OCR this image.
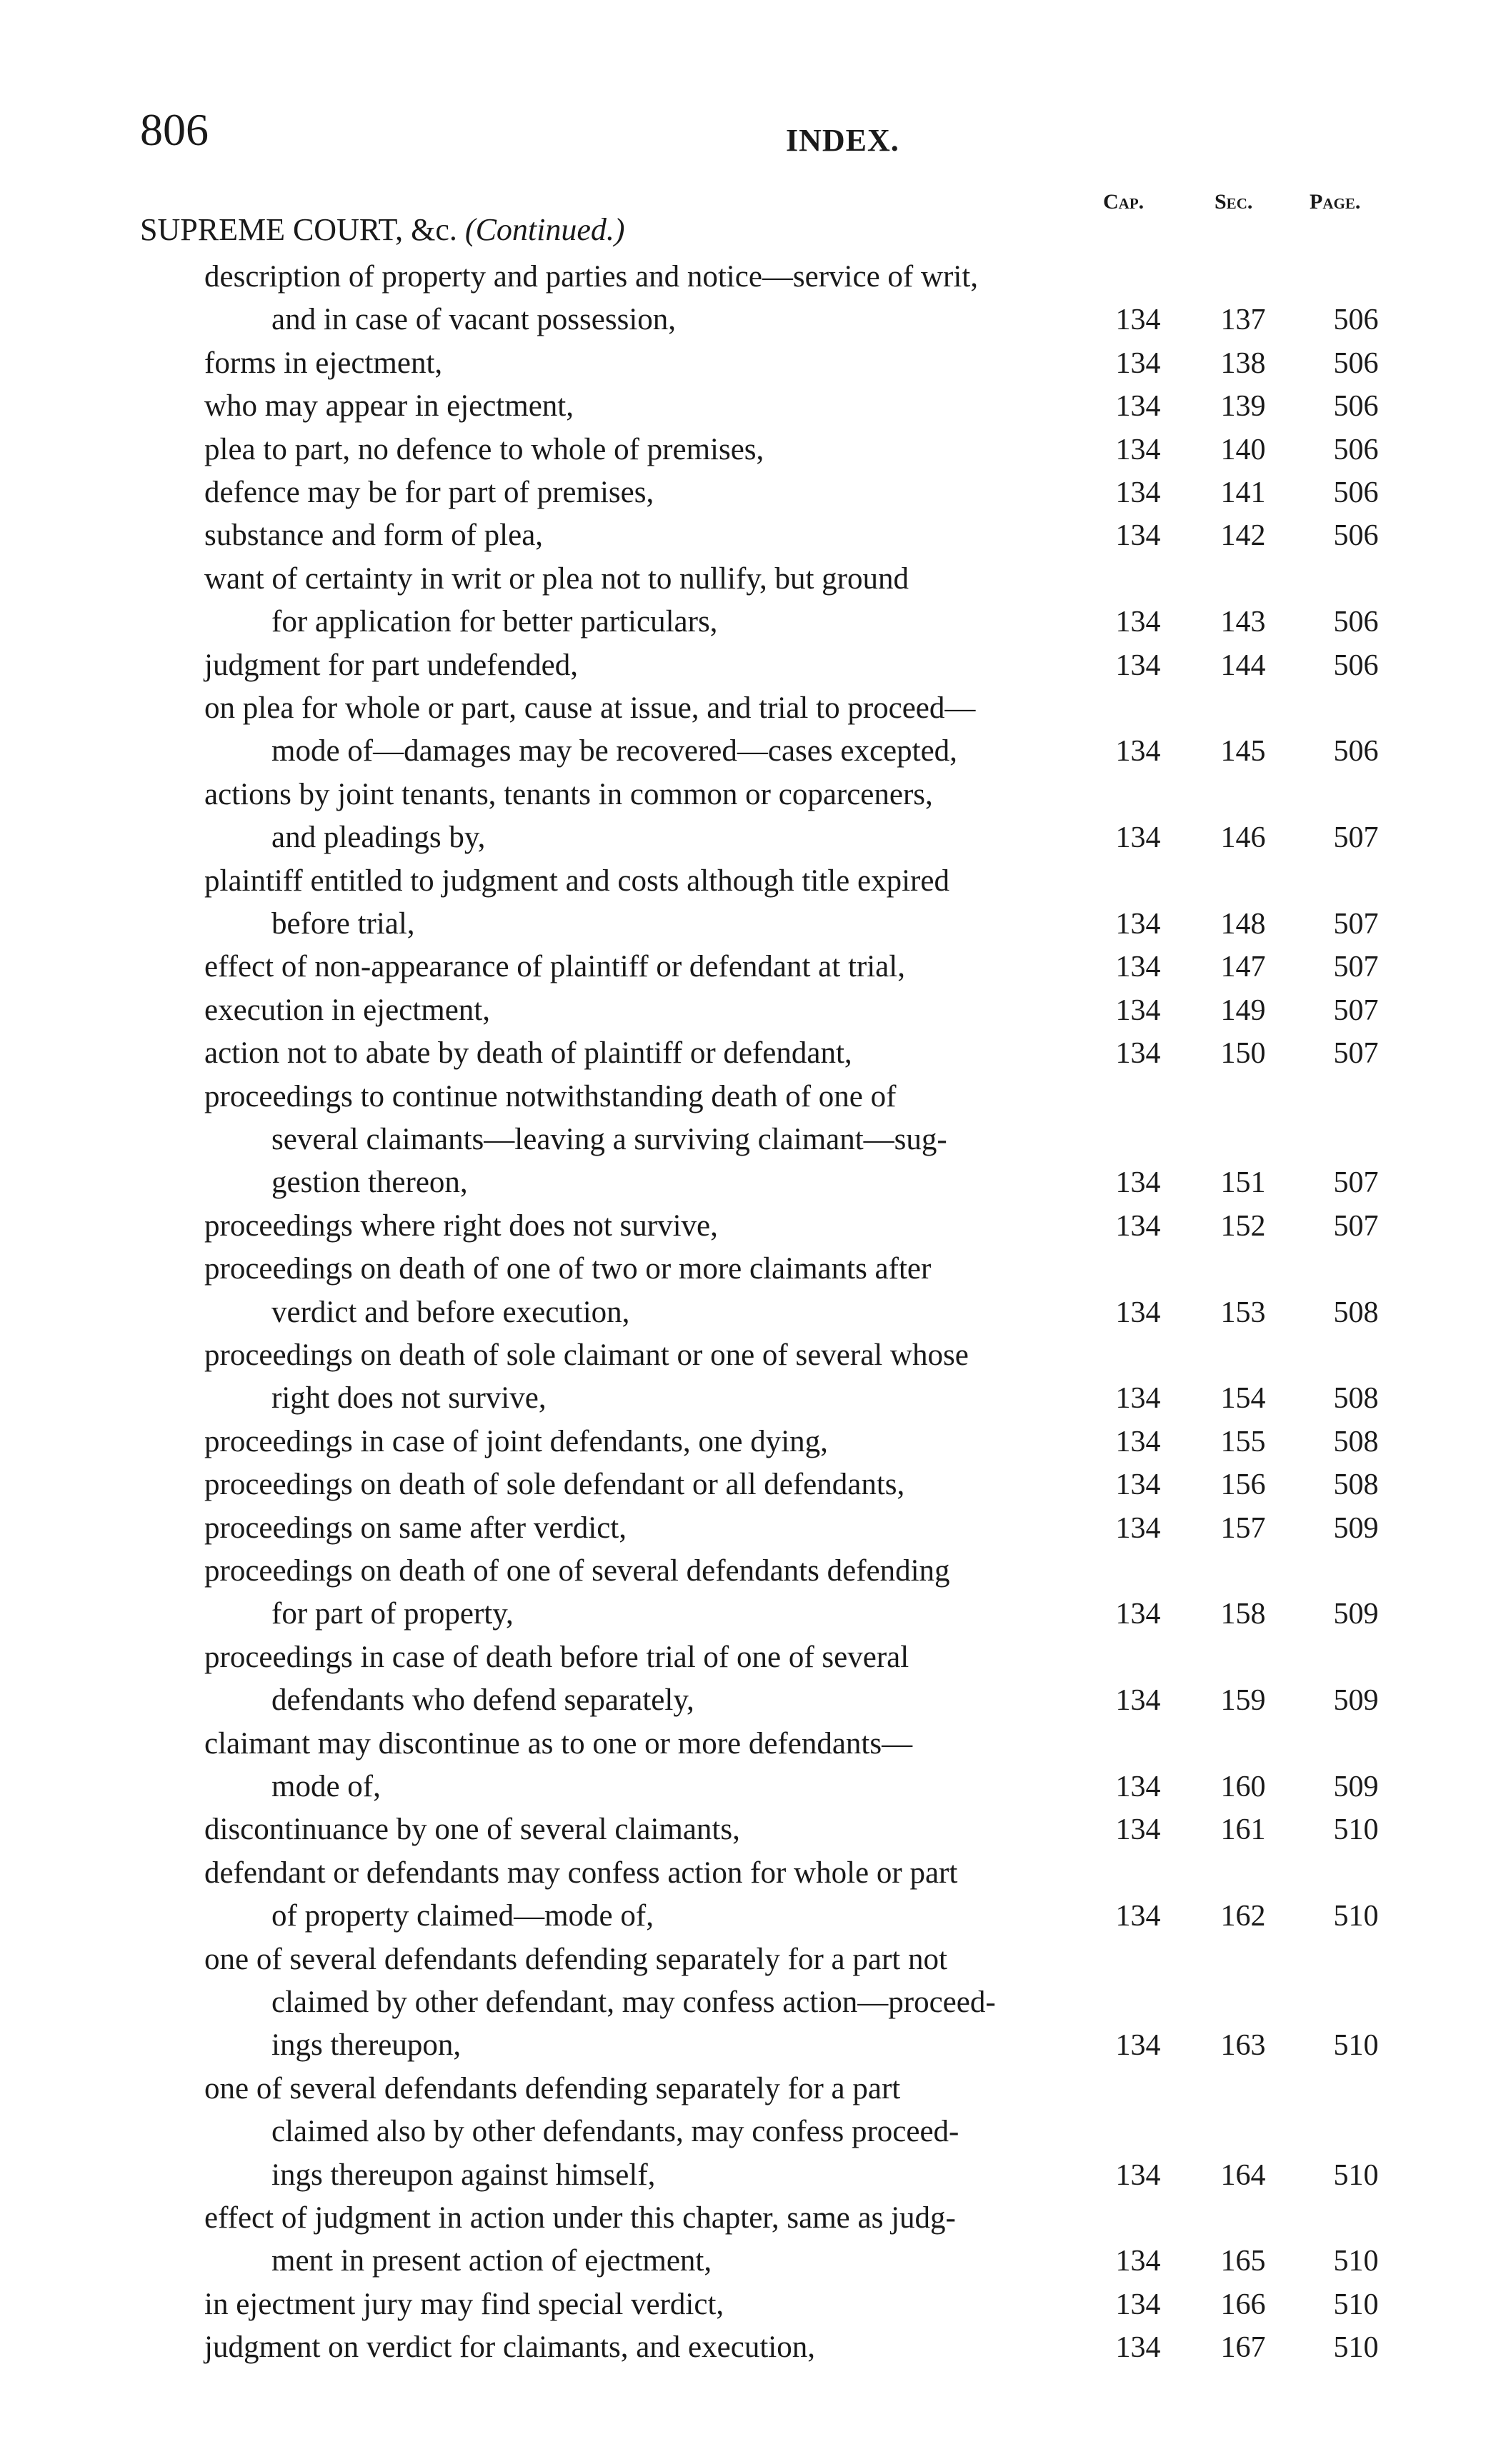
806	INDEX.
Cap.	Sec.	Page.
SUPREME COURT, &c. (Continued.)
description of property and parties and notice—service of writ,
and in case of vacant possession,	134	137	506
forms in ejectment,	134	138	506
who may appear in ejectment,	134	139	506
plea to part, no defence to whole of premises,	134	140	506
defence may be for part of premises,	134	141	506
substance and form of plea,	134	142	506
want of certainty in writ or plea not to nullify, but ground
for application for better particulars,	134	143	506
judgment for part undefended,	134	144	506
on plea for whole or part, cause at issue, and trial to proceed—
mode of—damages may be recovered—cases excepted,	134	145	506
actions by joint tenants, tenants in common or coparceners,
and pleadings by,	134	146	507
plaintiff entitled to judgment and costs although title expired
before trial,	134	148	507
effect of non-appearance of plaintiff or defendant at trial,	134	147	507
execution in ejectment,	134	149	507
action not to abate by death of plaintiff or defendant,	134	150	507
proceedings to continue notwithstanding death of one of
several claimants—leaving a surviving claimant—sug-
gestion thereon,	134	151	507
proceedings where right does not survive,	134	152	507
proceedings on death of one of two or more claimants after
verdict and before execution,	134	153	508
proceedings on death of sole claimant or one of several whose
right does not survive,	134	154	508
proceedings in case of joint defendants, one dying,	134	155	508
proceedings on death of sole defendant or all defendants,	134	156	508
proceedings on same after verdict,	134	157	509
proceedings on death of one of several defendants defending
for part of property,	134	158	509
proceedings in case of death before trial of one of several
defendants who defend separately,	134	159	509
claimant may discontinue as to one or more defendants—
mode of,	134	160	509
discontinuance by one of several claimants,	134	161	510
defendant or defendants may confess action for whole or part
of property claimed—mode of,	134	162	510
one of several defendants defending separately for a part not
claimed by other defendant, may confess action—proceed-
ings thereupon,	134	163	510
one of several defendants defending separately for a part
claimed also by other defendants, may confess proceed-
ings thereupon against himself,	134	164	510
effect of judgment in action under this chapter, same as judg-
ment in present action of ejectment,	134	165	510
in ejectment jury may find special verdict,	134	166	510
judgment on verdict for claimants, and execution,	134	167	510
